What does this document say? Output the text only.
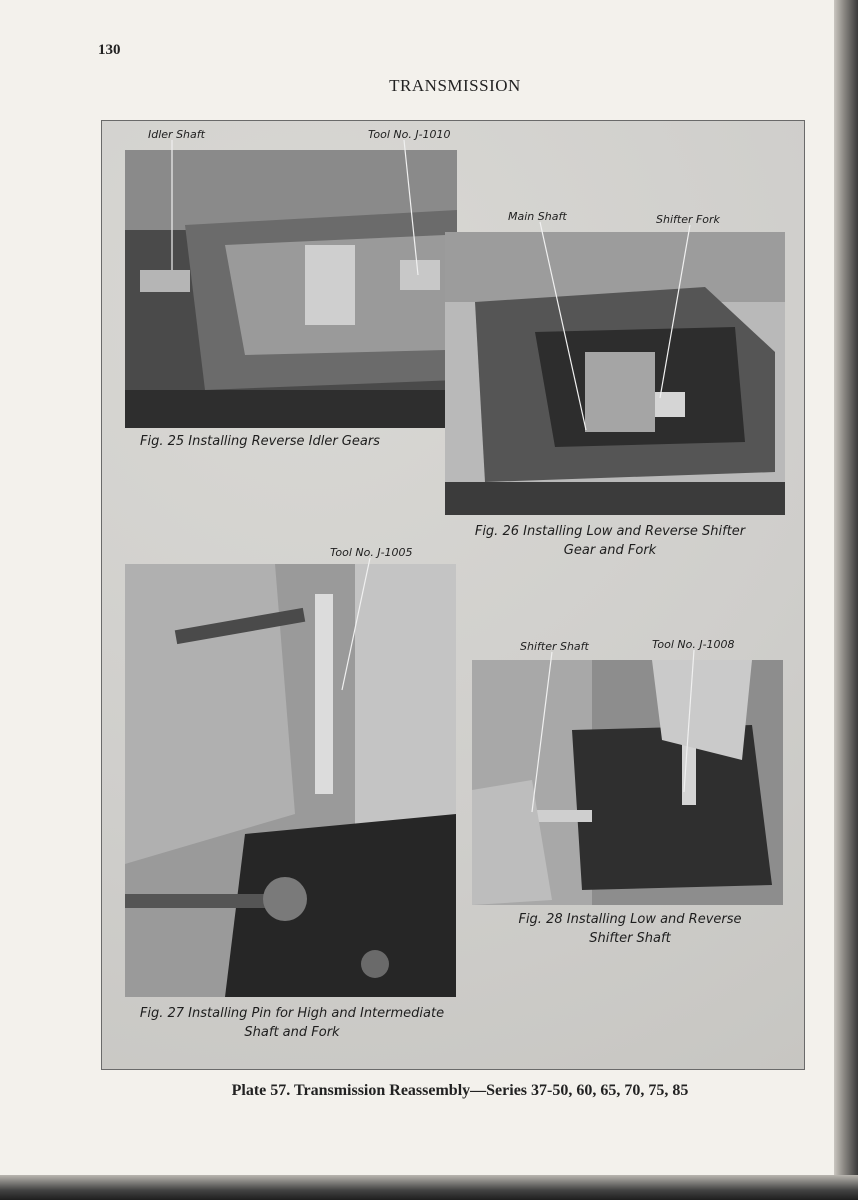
130
TRANSMISSION
Idler Shaft	Tool No. J-1010
Fig. 25 Installing Reverse Idler Gears
Main Shaft	Shifter Fork
Fig. 26 Installing Low and Reverse Shifter
Gear and Fork
Tool No. J-1005
Fig. 27 Installing Pin for High and Intermediate
Shaft and Fork
Shifter Shaft	Tool No. J-1008
Fig. 28 Installing Low and Reverse
Shifter Shaft
Plate 57. Transmission Reassembly—Series 37-50, 60, 65, 70, 75, 85
